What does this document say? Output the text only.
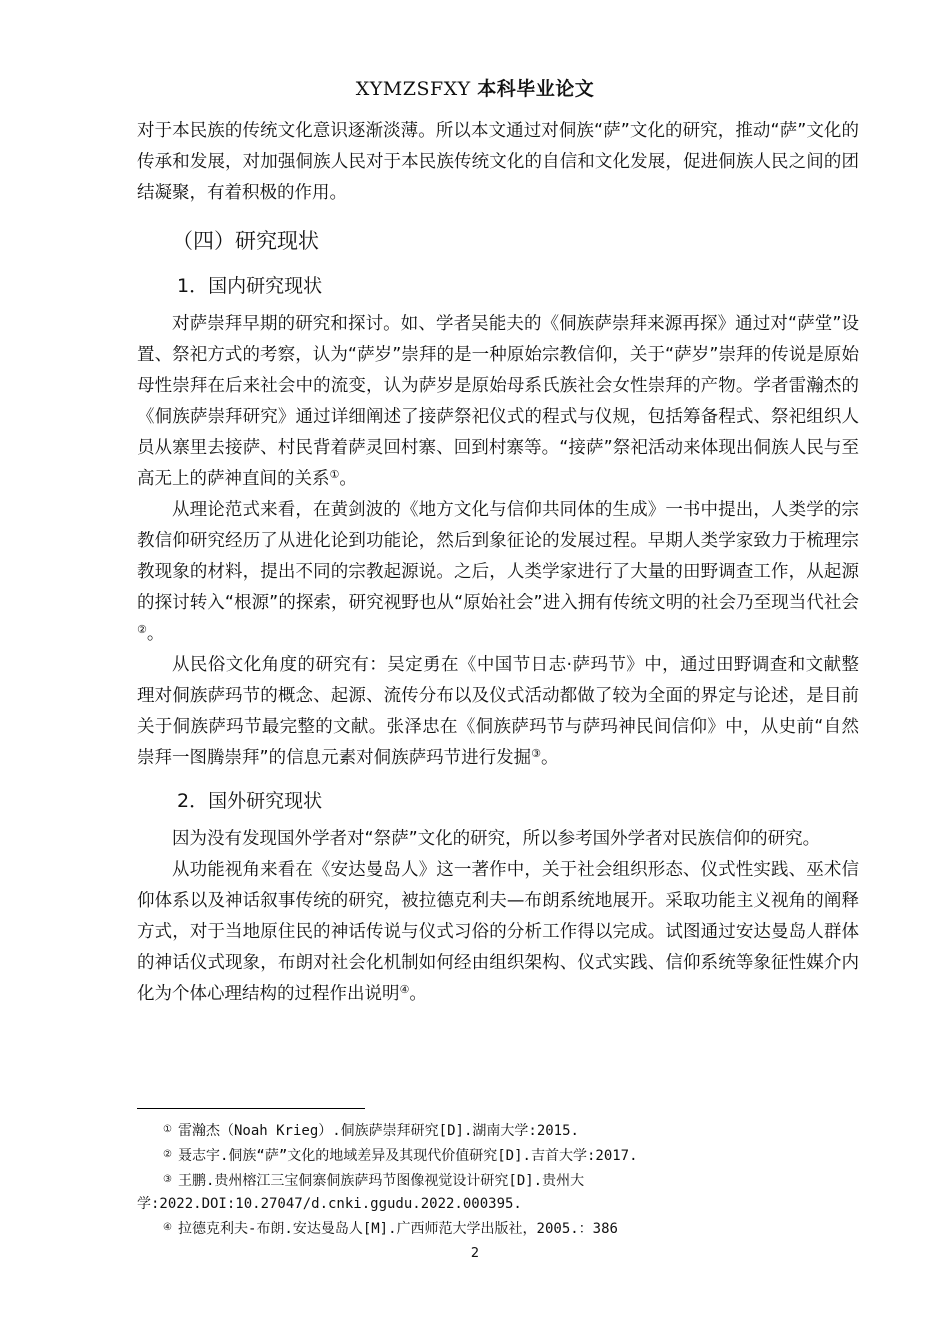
XYMZSFXY 本科毕业论文

对于本民族的传统文化意识逐渐淡薄。所以本文通过对侗族“萨”文化的研究，推动“萨”文化的传承和发展，对加强侗族人民对于本民族传统文化的自信和文化发展，促进侗族人民之间的团结凝聚，有着积极的作用。

（四）研究现状
1．国内研究现状

对萨崇拜早期的研究和探讨。如、学者吴能夫的《侗族萨崇拜来源再探》通过对“萨堂”设置、祭祀方式的考察，认为“萨岁”崇拜的是一种原始宗教信仰，关于“萨岁”崇拜的传说是原始母性崇拜在后来社会中的流变，认为萨岁是原始母系氏族社会女性崇拜的产物。学者雷瀚杰的《侗族萨崇拜研究》通过详细阐述了接萨祭祀仪式的程式与仪规，包括筹备程式、祭祀组织人员从寨里去接萨、村民背着萨灵回村寨、回到村寨等。“接萨”祭祀活动来体现出侗族人民与至高无上的萨神直间的关系①。

从理论范式来看，在黄剑波的《地方文化与信仰共同体的生成》一书中提出，人类学的宗教信仰研究经历了从进化论到功能论，然后到象征论的发展过程。早期人类学家致力于梳理宗教现象的材料，提出不同的宗教起源说。之后，人类学家进行了大量的田野调查工作，从起源的探讨转入“根源”的探索，研究视野也从“原始社会”进入拥有传统文明的社会乃至现当代社会②。

从民俗文化角度的研究有：吴定勇在《中国节日志·萨玛节》中，通过田野调查和文献整理对侗族萨玛节的概念、起源、流传分布以及仪式活动都做了较为全面的界定与论述，是目前关于侗族萨玛节最完整的文献。张泽忠在《侗族萨玛节与萨玛神民间信仰》中，从史前“自然崇拜一图腾崇拜”的信息元素对侗族萨玛节进行发掘③。

2．国外研究现状

因为没有发现国外学者对“祭萨”文化的研究，所以参考国外学者对民族信仰的研究。

从功能视角来看在《安达曼岛人》这一著作中，关于社会组织形态、仪式性实践、巫术信仰体系以及神话叙事传统的研究，被拉德克利夫—布朗系统地展开。采取功能主义视角的阐释方式，对于当地原住民的神话传说与仪式习俗的分析工作得以完成。试图通过安达曼岛人群体的神话仪式现象，布朗对社会化机制如何经由组织架构、仪式实践、信仰系统等象征性媒介内化为个体心理结构的过程作出说明④。

① 雷瀚杰（Noah Krieg）.侗族萨崇拜研究[D].湖南大学:2015.

② 聂志宇.侗族“萨”文化的地域差异及其现代价值研究[D].吉首大学:2017.

③ 王鹏.贵州榕江三宝侗寨侗族萨玛节图像视觉设计研究[D].贵州大

学:2022.DOI:10.27047/d.cnki.ggudu.2022.000395.

④ 拉德克利夫-布朗.安达曼岛人[M].广西师范大学出版社，2005.：386

2
